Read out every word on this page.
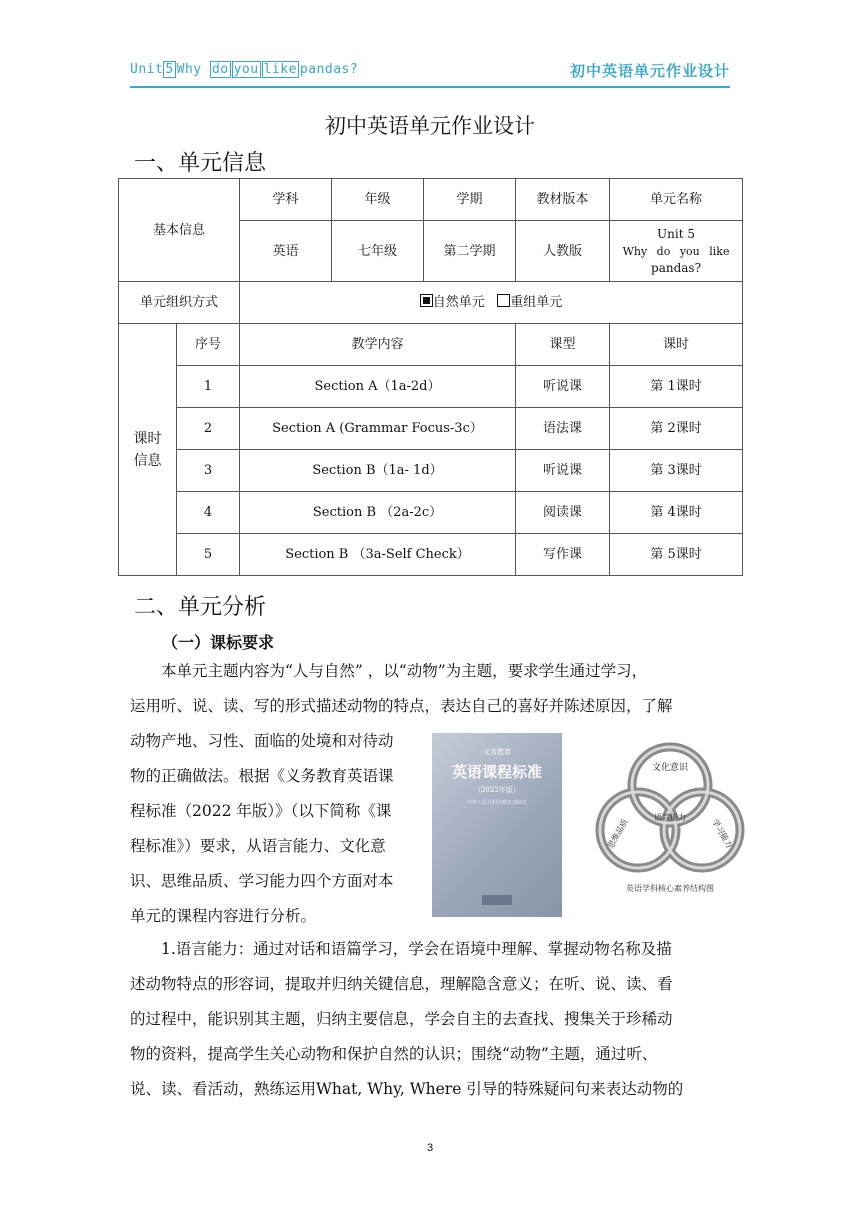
Unit 5 Why do you like pandas?	初中英语单元作业设计
初中英语单元作业设计
一、单元信息
基本信息		学科	年级	学期	教材版本	单元名称
		英语	七年级	第二学期	人教版	Unit 5
Why do you like
pandas?

单元组织方式		自然单元 重组单元				

课时
信息	序号	教学内容			课型	课时
	1	Section A（1a-2d）			听说课	第 1课时
	2	Section A (Grammar Focus-3c）			语法课	第 2课时
	3	Section B（1a- 1d）			听说课	第 3课时
	4	Section B （2a-2c）			阅读课	第 4课时
	5	Section B （3a-Self Check）			写作课	第 5课时
二、单元分析
（一）课标要求

本单元主题内容为“人与自然” ，以“动物”为主题，要求学生通过学习，

运用听、说、读、写的形式描述动物的特点，表达自己的喜好并陈述原因，了解

动物产地、习性、面临的处境和对待动

物的正确做法。根据《义务教育英语课

程标准（2022 年版）》（以下简称《课

程标准》）要求，从语言能力、文化意

识、思维品质、学习能力四个方面对本

单元的课程内容进行分析。

义务教育
英语课程标准
（2022年版）
中华人民共和国教育部制定
文化意识
语言能力
思维品质	学习能力
英语学科核心素养结构图

1.语言能力：通过对话和语篇学习，学会在语境中理解、掌握动物名称及描

述动物特点的形容词，提取并归纳关键信息，理解隐含意义；在听、说、读、看

的过程中，能识别其主题，归纳主要信息，学会自主的去查找、搜集关于珍稀动

物的资料，提高学生关心动物和保护自然的认识；围绕“动物”主题，通过听、

说、读、看活动，熟练运用What, Why, Where 引导的特殊疑问句来表达动物的

3
